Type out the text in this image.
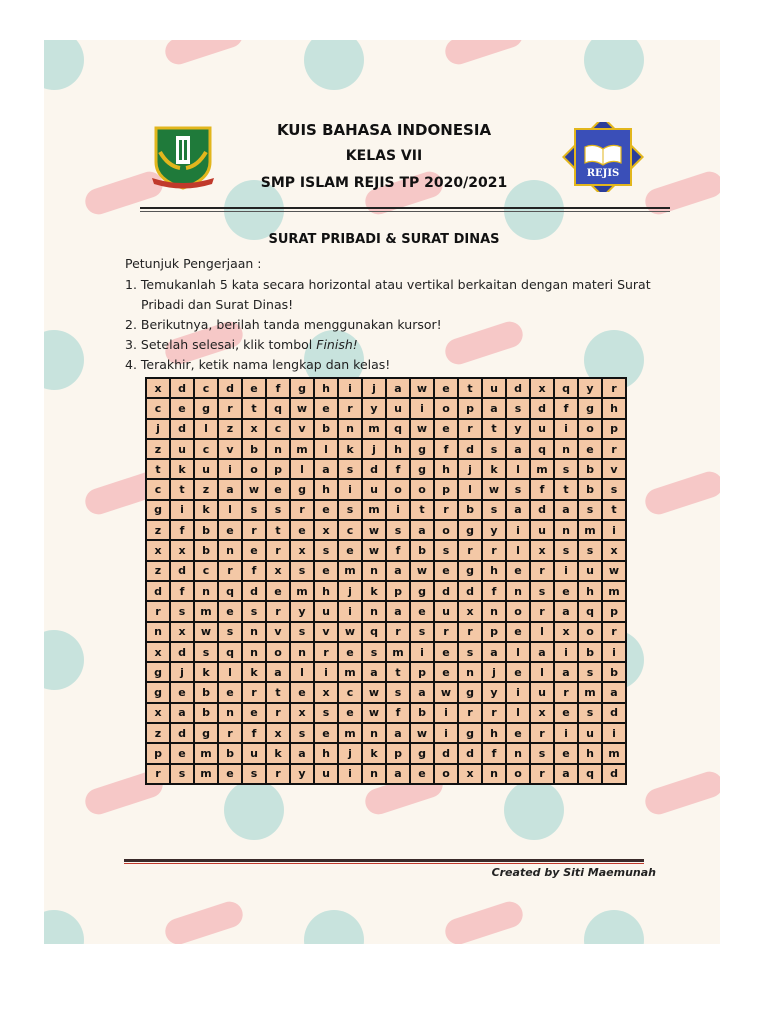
KUIS BAHASA INDONESIA
KELAS VII
SMP ISLAM REJIS TP 2020/2021
REJIS
SURAT PRIBADI & SURAT DINAS
Petunjuk Pengerjaan :
1. Temukanlah 5 kata secara horizontal atau vertikal berkaitan dengan materi Surat
Pribadi dan Surat Dinas!
2. Berikutnya, berilah tanda menggunakan kursor!
3. Setelah selesai, klik tombol Finish!
4. Terakhir, ketik nama lengkap dan kelas!
x	d	c	d	e	f	g	h	i	j	a	w	e	t	u	d	x	q	y	r
c	e	g	r	t	q	w	e	r	y	u	i	o	p	a	s	d	f	g	h
j	d	l	z	x	c	v	b	n	m	q	w	e	r	t	y	u	i	o	p
z	u	c	v	b	n	m	l	k	j	h	g	f	d	s	a	q	n	e	r
t	k	u	i	o	p	l	a	s	d	f	g	h	j	k	l	m	s	b	v
c	t	z	a	w	e	g	h	i	u	o	o	p	l	w	s	f	t	b	s
g	i	k	l	s	s	r	e	s	m	i	t	r	b	s	a	d	a	s	t
z	f	b	e	r	t	e	x	c	w	s	a	o	g	y	i	u	n	m	i
x	x	b	n	e	r	x	s	e	w	f	b	s	r	r	l	x	s	s	x
z	d	c	r	f	x	s	e	m	n	a	w	e	g	h	e	r	i	u	w
d	f	n	q	d	e	m	h	j	k	p	g	d	d	f	n	s	e	h	m
r	s	m	e	s	r	y	u	i	n	a	e	u	x	n	o	r	a	q	p
n	x	w	s	n	v	s	v	w	q	r	s	r	r	p	e	l	x	o	r
x	d	s	q	n	o	n	r	e	s	m	i	e	s	a	l	a	i	b	i
g	j	k	l	k	a	l	i	m	a	t	p	e	n	j	e	l	a	s	b
g	e	b	e	r	t	e	x	c	w	s	a	w	g	y	i	u	r	m	a
x	a	b	n	e	r	x	s	e	w	f	b	i	r	r	l	x	e	s	d
z	d	g	r	f	x	s	e	m	n	a	w	i	g	h	e	r	i	u	i
p	e	m	b	u	k	a	h	j	k	p	g	d	d	f	n	s	e	h	m
r	s	m	e	s	r	y	u	i	n	a	e	o	x	n	o	r	a	q	d
Created by Siti Maemunah
